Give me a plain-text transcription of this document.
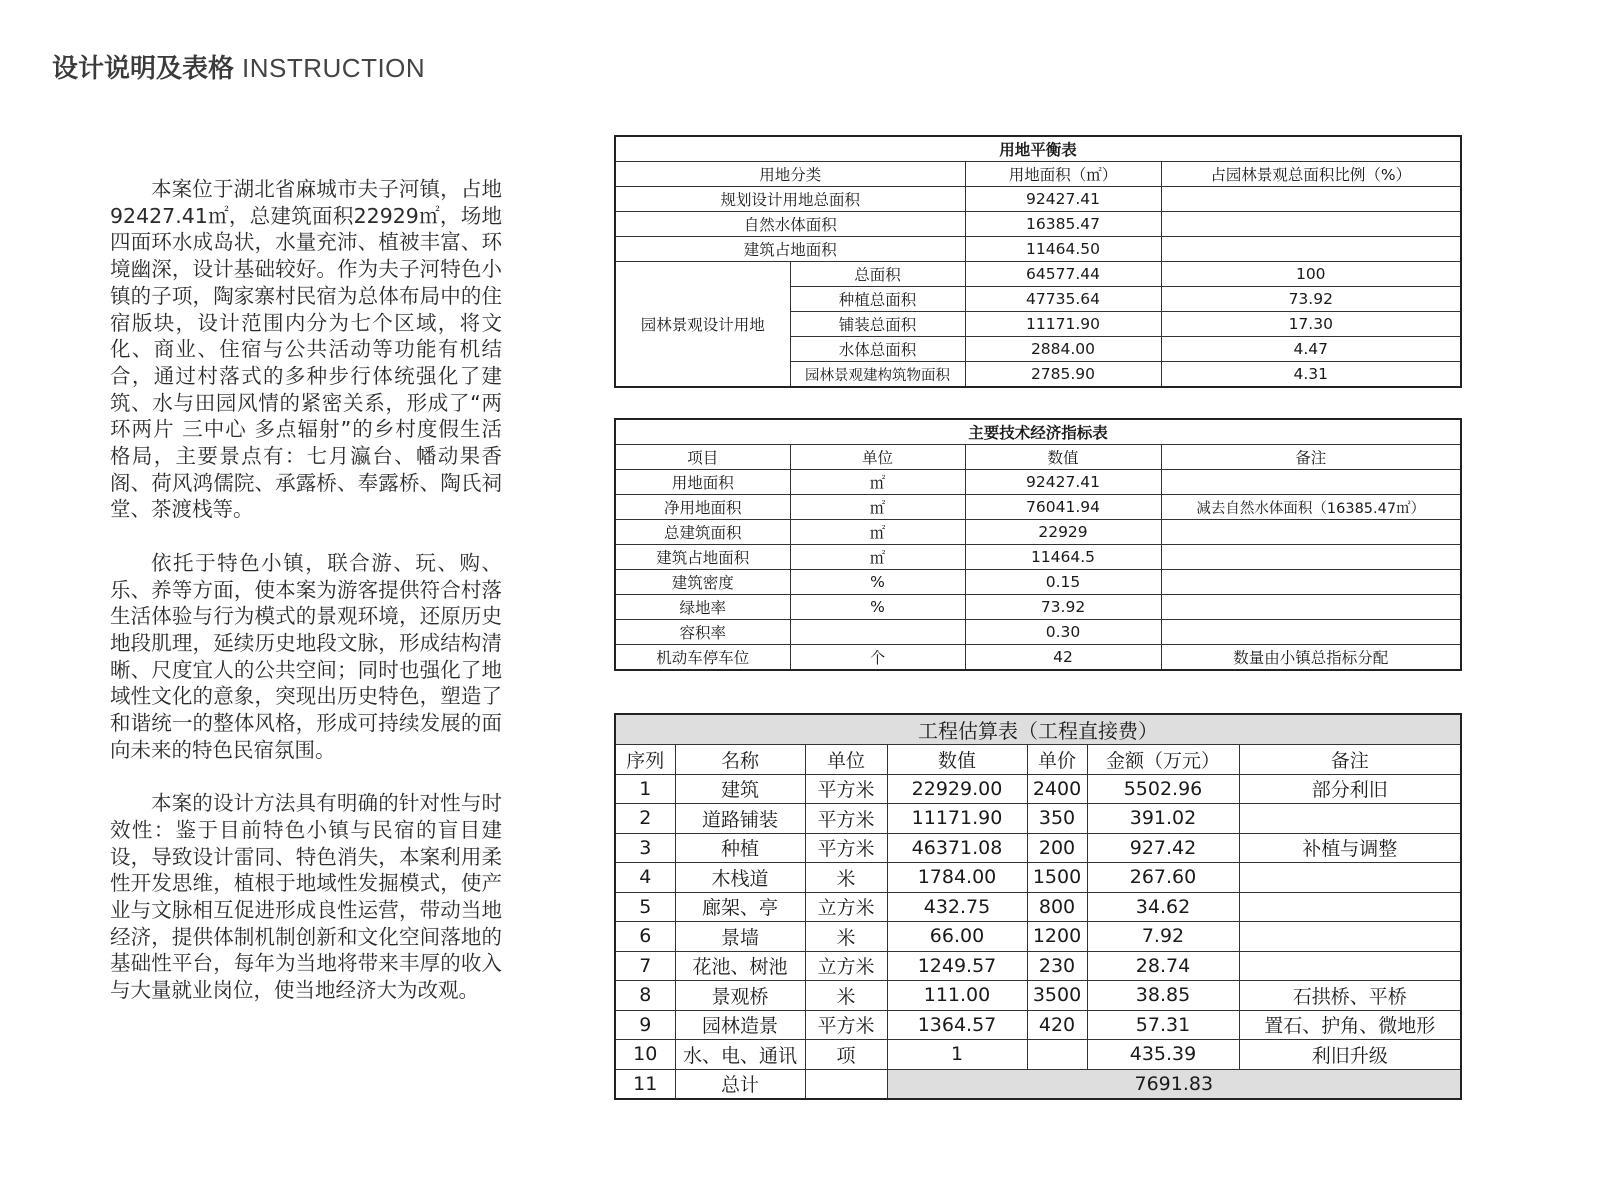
设计说明及表格 INSTRUCTION

本案位于湖北省麻城市夫子河镇，占地92427.41㎡，总建筑面积22929㎡，场地四面环水成岛状，水量充沛、植被丰富、环境幽深，设计基础较好。作为夫子河特色小镇的子项，陶家寨村民宿为总体布局中的住宿版块，设计范围内分为七个区域，将文化、商业、住宿与公共活动等功能有机结合，通过村落式的多种步行体统强化了建筑、水与田园风情的紧密关系，形成了“两环两片 三中心 多点辐射”的乡村度假生活格局，主要景点有：七月瀛台、幡动果香阁、荷风鸿儒院、承露桥、奉露桥、陶氏祠堂、茶渡栈等。

依托于特色小镇，联合游、玩、购、乐、养等方面，使本案为游客提供符合村落生活体验与行为模式的景观环境，还原历史地段肌理，延续历史地段文脉，形成结构清晰、尺度宜人的公共空间；同时也强化了地域性文化的意象，突现出历史特色，塑造了和谐统一的整体风格，形成可持续发展的面向未来的特色民宿氛围。

本案的设计方法具有明确的针对性与时效性：鉴于目前特色小镇与民宿的盲目建设，导致设计雷同、特色消失，本案利用柔性开发思维，植根于地域性发掘模式，使产业与文脉相互促进形成良性运营，带动当地经济，提供体制机制创新和文化空间落地的基础性平台，每年为当地将带来丰厚的收入与大量就业岗位，使当地经济大为改观。

用地平衡表			
用地分类		用地面积（㎡）	占园林景观总面积比例（%）
规划设计用地总面积		92427.41	
自然水体面积		16385.47	
建筑占地面积		11464.50	
园林景观设计用地	总面积	64577.44	100
	种植总面积	47735.64	73.92
	铺装总面积	11171.90	17.30
	水体总面积	2884.00	4.47
	园林景观建构筑物面积	2785.90	4.31
主要技术经济指标表			
项目	单位	数值	备注
用地面积	㎡	92427.41	
净用地面积	㎡	76041.94	减去自然水体面积（16385.47㎡）
总建筑面积	㎡	22929	
建筑占地面积	㎡	11464.5	
建筑密度	%	0.15	
绿地率	%	73.92	
容积率		0.30	
机动车停车位	个	42	数量由小镇总指标分配
工程估算表（工程直接费）						
序列	名称	单位	数值	单价	金额（万元）	备注
1	建筑	平方米	22929.00	2400	5502.96	部分利旧
2	道路铺装	平方米	11171.90	350	391.02	
3	种植	平方米	46371.08	200	927.42	补植与调整
4	木栈道	米	1784.00	1500	267.60	
5	廊架、亭	立方米	432.75	800	34.62	
6	景墙	米	66.00	1200	7.92	
7	花池、树池	立方米	1249.57	230	28.74	
8	景观桥	米	111.00	3500	38.85	石拱桥、平桥
9	园林造景	平方米	1364.57	420	57.31	置石、护角、微地形
10	水、电、通讯	项	1		435.39	利旧升级
11	总计		7691.83			
